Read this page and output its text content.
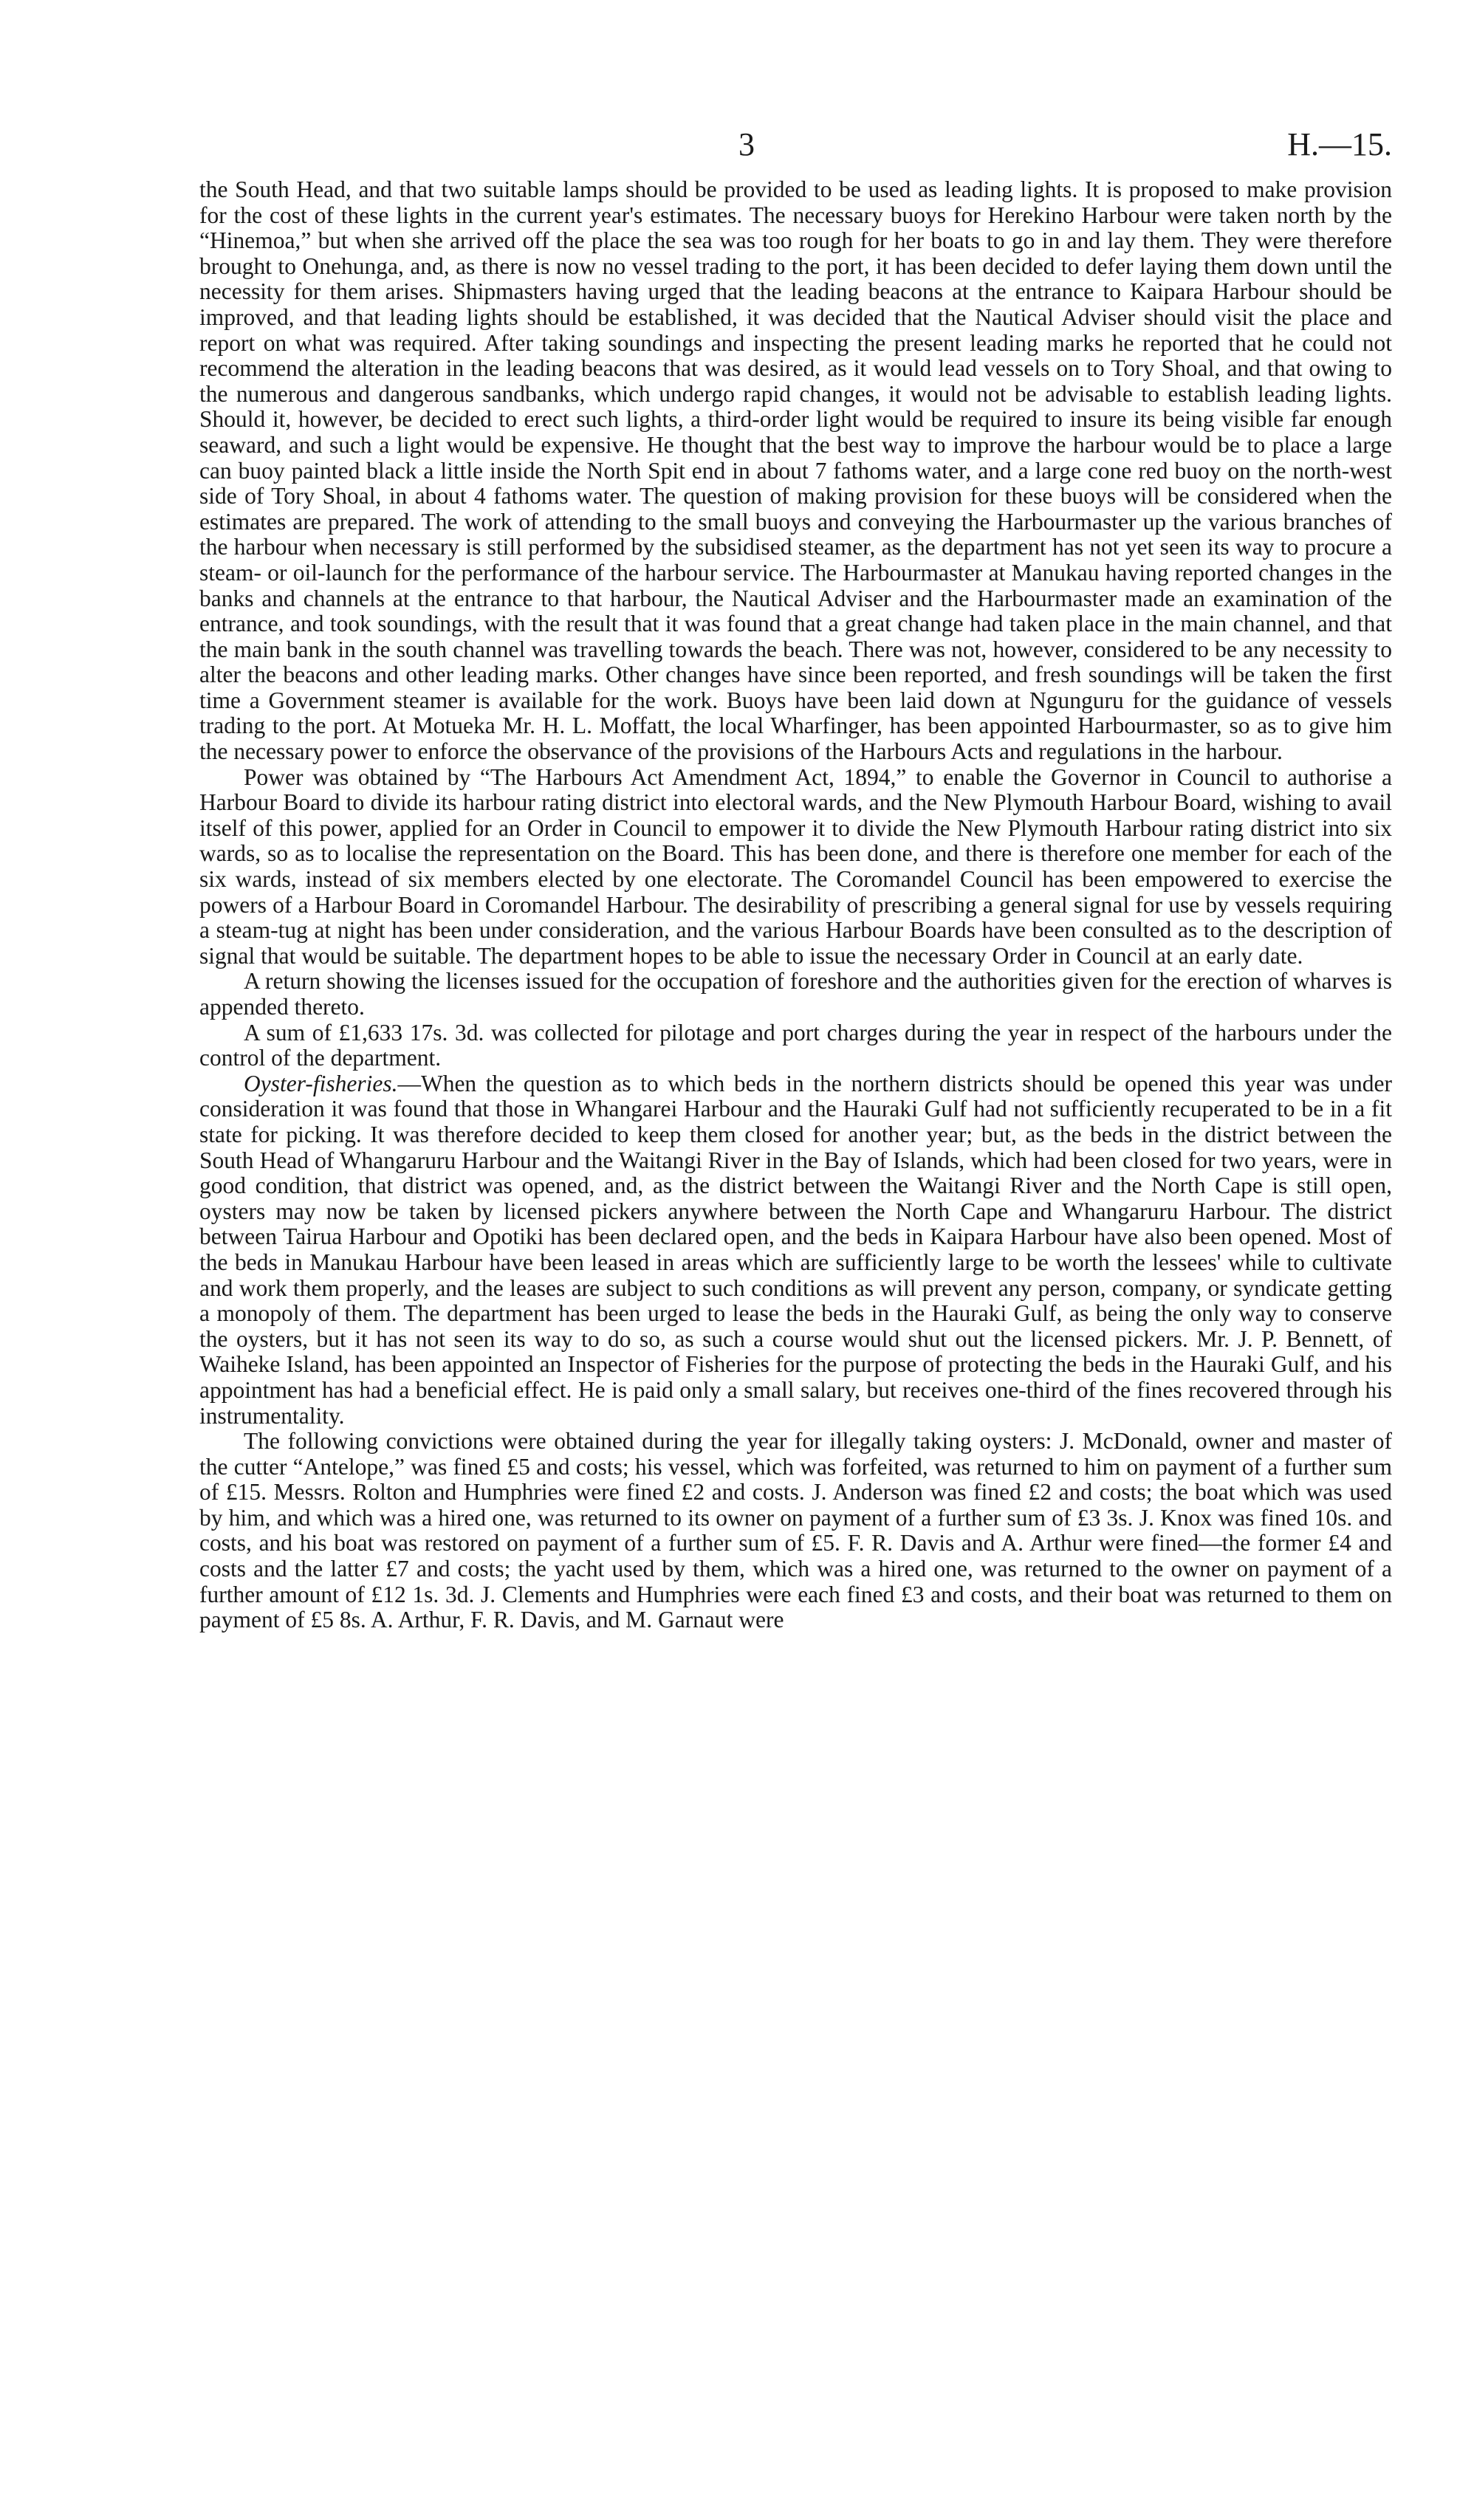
3	H.—15.

the South Head, and that two suitable lamps should be provided to be used as leading lights. It is proposed to make provision for the cost of these lights in the current year's estimates. The necessary buoys for Herekino Harbour were taken north by the “Hinemoa,” but when she arrived off the place the sea was too rough for her boats to go in and lay them. They were therefore brought to Onehunga, and, as there is now no vessel trading to the port, it has been decided to defer laying them down until the necessity for them arises. Shipmasters having urged that the leading beacons at the entrance to Kaipara Harbour should be improved, and that leading lights should be established, it was decided that the Nautical Adviser should visit the place and report on what was required. After taking soundings and inspecting the present leading marks he reported that he could not recommend the alteration in the leading beacons that was desired, as it would lead vessels on to Tory Shoal, and that owing to the numerous and dangerous sandbanks, which undergo rapid changes, it would not be advisable to establish leading lights. Should it, however, be decided to erect such lights, a third-order light would be required to insure its being visible far enough seaward, and such a light would be expensive. He thought that the best way to improve the harbour would be to place a large can buoy painted black a little inside the North Spit end in about 7 fathoms water, and a large cone red buoy on the north-west side of Tory Shoal, in about 4 fathoms water. The question of making provision for these buoys will be considered when the estimates are prepared. The work of attending to the small buoys and conveying the Harbourmaster up the various branches of the harbour when necessary is still performed by the subsidised steamer, as the department has not yet seen its way to procure a steam- or oil-launch for the performance of the harbour service. The Harbourmaster at Manukau having reported changes in the banks and channels at the entrance to that harbour, the Nautical Adviser and the Harbourmaster made an examination of the entrance, and took soundings, with the result that it was found that a great change had taken place in the main channel, and that the main bank in the south channel was travelling towards the beach. There was not, however, considered to be any necessity to alter the beacons and other leading marks. Other changes have since been reported, and fresh soundings will be taken the first time a Government steamer is available for the work. Buoys have been laid down at Ngunguru for the guidance of vessels trading to the port. At Motueka Mr. H. L. Moffatt, the local Wharfinger, has been appointed Harbourmaster, so as to give him the necessary power to enforce the observance of the provisions of the Harbours Acts and regulations in the harbour.

Power was obtained by “The Harbours Act Amendment Act, 1894,” to enable the Governor in Council to authorise a Harbour Board to divide its harbour rating district into electoral wards, and the New Plymouth Harbour Board, wishing to avail itself of this power, applied for an Order in Council to empower it to divide the New Plymouth Harbour rating district into six wards, so as to localise the representation on the Board. This has been done, and there is therefore one member for each of the six wards, instead of six members elected by one electorate. The Coromandel Council has been empowered to exercise the powers of a Harbour Board in Coromandel Harbour. The desirability of prescribing a general signal for use by vessels requiring a steam-tug at night has been under consideration, and the various Harbour Boards have been consulted as to the description of signal that would be suitable. The department hopes to be able to issue the necessary Order in Council at an early date.

A return showing the licenses issued for the occupation of foreshore and the authorities given for the erection of wharves is appended thereto.

A sum of £1,633 17s. 3d. was collected for pilotage and port charges during the year in respect of the harbours under the control of the department.

Oyster-fisheries.—When the question as to which beds in the northern districts should be opened this year was under consideration it was found that those in Whangarei Harbour and the Hauraki Gulf had not sufficiently recuperated to be in a fit state for picking. It was therefore decided to keep them closed for another year; but, as the beds in the district between the South Head of Whangaruru Harbour and the Waitangi River in the Bay of Islands, which had been closed for two years, were in good condition, that district was opened, and, as the district between the Waitangi River and the North Cape is still open, oysters may now be taken by licensed pickers anywhere between the North Cape and Whangaruru Harbour. The district between Tairua Harbour and Opotiki has been declared open, and the beds in Kaipara Harbour have also been opened. Most of the beds in Manukau Harbour have been leased in areas which are sufficiently large to be worth the lessees' while to cultivate and work them properly, and the leases are subject to such conditions as will prevent any person, company, or syndicate getting a monopoly of them. The department has been urged to lease the beds in the Hauraki Gulf, as being the only way to conserve the oysters, but it has not seen its way to do so, as such a course would shut out the licensed pickers. Mr. J. P. Bennett, of Waiheke Island, has been appointed an Inspector of Fisheries for the purpose of protecting the beds in the Hauraki Gulf, and his appointment has had a beneficial effect. He is paid only a small salary, but receives one-third of the fines recovered through his instrumentality.

The following convictions were obtained during the year for illegally taking oysters: J. McDonald, owner and master of the cutter “Antelope,” was fined £5 and costs; his vessel, which was forfeited, was returned to him on payment of a further sum of £15. Messrs. Rolton and Humphries were fined £2 and costs. J. Anderson was fined £2 and costs; the boat which was used by him, and which was a hired one, was returned to its owner on payment of a further sum of £3 3s. J. Knox was fined 10s. and costs, and his boat was restored on payment of a further sum of £5. F. R. Davis and A. Arthur were fined—the former £4 and costs and the latter £7 and costs; the yacht used by them, which was a hired one, was returned to the owner on payment of a further amount of £12 1s. 3d. J. Clements and Humphries were each fined £3 and costs, and their boat was returned to them on payment of £5 8s. A. Arthur, F. R. Davis, and M. Garnaut were
